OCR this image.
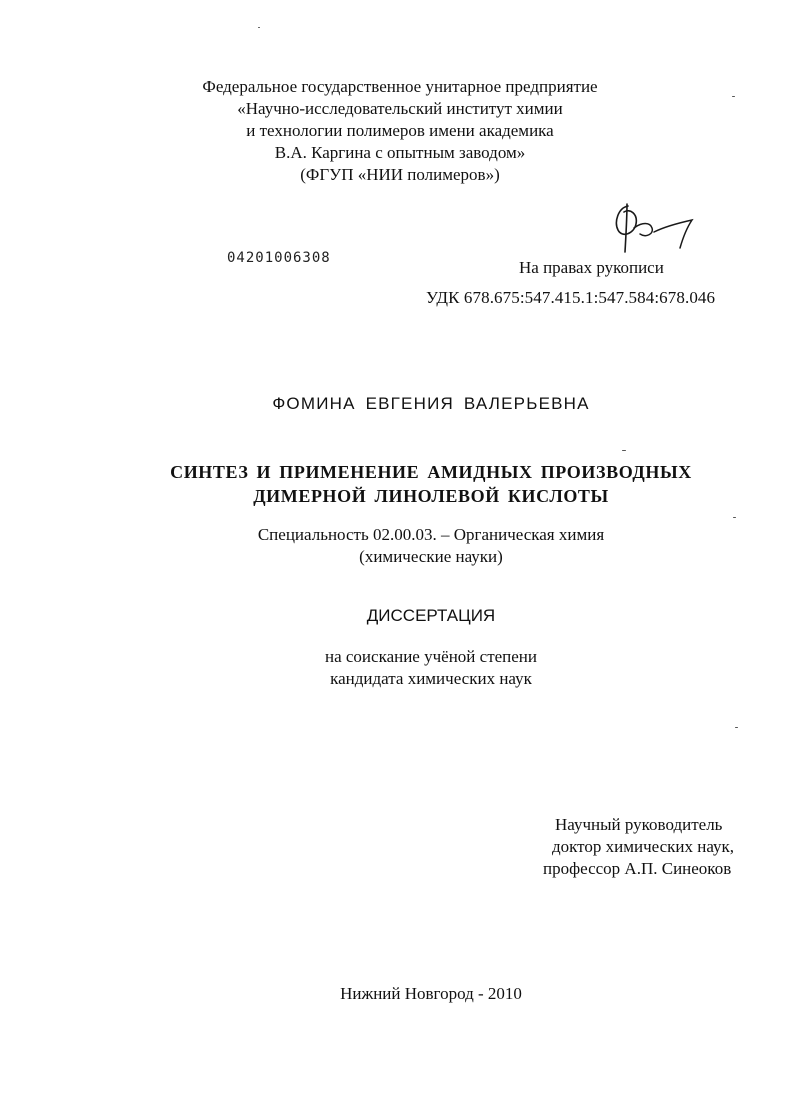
Федеральное государственное унитарное предприятие
«Научно-исследовательский институт химии
и технологии полимеров имени академика
В.А. Каргина с опытным заводом»
(ФГУП «НИИ полимеров»)
04201006308	На правах рукописи
УДК 678.675:547.415.1:547.584:678.046
ФОМИНА ЕВГЕНИЯ ВАЛЕРЬЕВНА
СИНТЕЗ И ПРИМЕНЕНИЕ АМИДНЫХ ПРОИЗВОДНЫХ
ДИМЕРНОЙ ЛИНОЛЕВОЙ КИСЛОТЫ
Специальность 02.00.03. – Органическая химия
(химические науки)
ДИССЕРТАЦИЯ
на соискание учёной степени
кандидата химических наук
Научный руководитель
доктор химических наук,
профессор А.П. Синеоков
Нижний Новгород - 2010
